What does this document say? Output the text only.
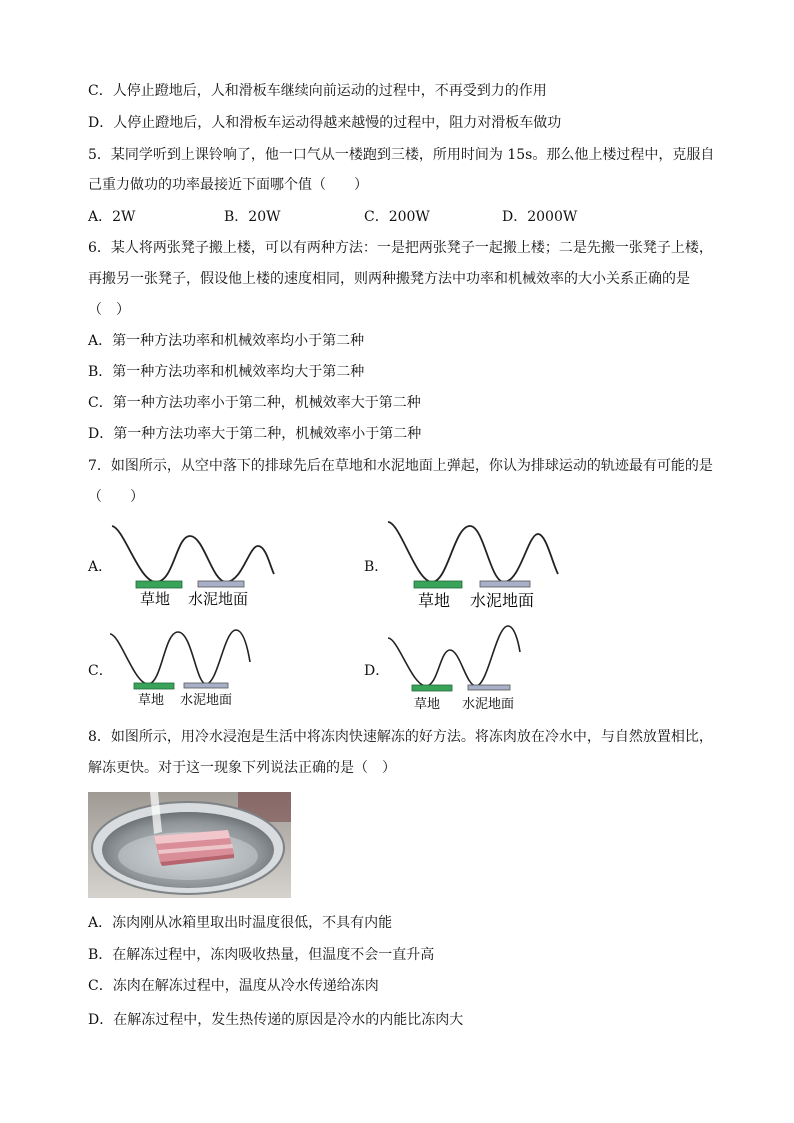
C．人停止蹬地后，人和滑板车继续向前运动的过程中，不再受到力的作用
D．人停止蹬地后，人和滑板车运动得越来越慢的过程中，阻力对滑板车做功
5．某同学听到上课铃响了，他一口气从一楼跑到三楼，所用时间为 15s。那么他上楼过程中，克服自
己重力做功的功率最接近下面哪个值（　　）
A．2W	B．20W	C．200W	D．2000W
6．某人将两张凳子搬上楼，可以有两种方法：一是把两张凳子一起搬上楼；二是先搬一张凳子上楼，
再搬另一张凳子，假设他上楼的速度相同，则两种搬凳方法中功率和机械效率的大小关系正确的是
（　）
A．第一种方法功率和机械效率均小于第二种
B．第一种方法功率和机械效率均大于第二种
C．第一种方法功率小于第二种，机械效率大于第二种
D．第一种方法功率大于第二种，机械效率小于第二种
7．如图所示，从空中落下的排球先后在草地和水泥地面上弹起，你认为排球运动的轨迹最有可能的是
（　　）
A．	B．
C．	D．
草地 水泥地面	草地 水泥地面
草地 水泥地面	草地 水泥地面
8．如图所示，用冷水浸泡是生活中将冻肉快速解冻的好方法。将冻肉放在冷水中，与自然放置相比，
解冻更快。对于这一现象下列说法正确的是（　）
A．冻肉刚从冰箱里取出时温度很低，不具有内能
B．在解冻过程中，冻肉吸收热量，但温度不会一直升高
C．冻肉在解冻过程中，温度从冷水传递给冻肉
D．在解冻过程中，发生热传递的原因是冷水的内能比冻肉大
